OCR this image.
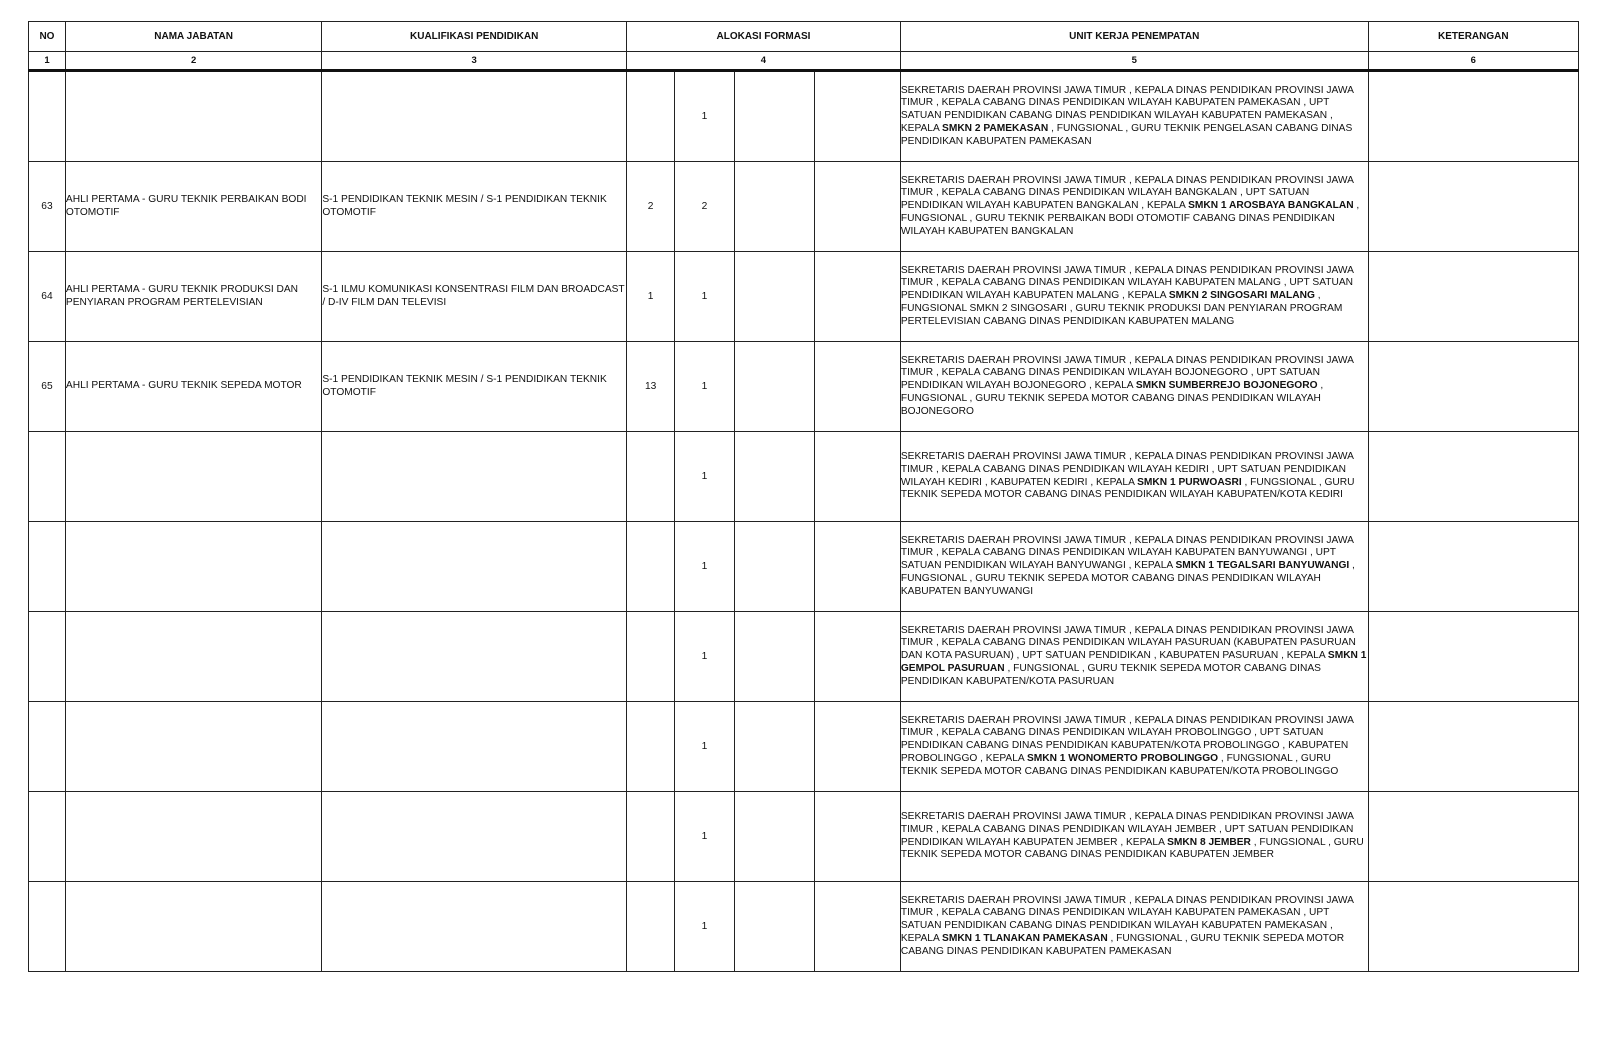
NO	NAMA JABATAN	KUALIFIKASI PENDIDIKAN	ALOKASI FORMASI				UNIT KERJA PENEMPATAN	KETERANGAN
1	2	3	4				5	6
				1			SEKRETARIS DAERAH PROVINSI JAWA TIMUR , KEPALA DINAS PENDIDIKAN PROVINSI JAWA TIMUR , KEPALA CABANG DINAS PENDIDIKAN WILAYAH KABUPATEN PAMEKASAN , UPT SATUAN PENDIDIKAN CABANG DINAS PENDIDIKAN WILAYAH KABUPATEN PAMEKASAN , KEPALA SMKN 2 PAMEKASAN , FUNGSIONAL , GURU TEKNIK PENGELASAN CABANG DINAS PENDIDIKAN KABUPATEN PAMEKASAN	
63	AHLI PERTAMA - GURU TEKNIK PERBAIKAN BODI OTOMOTIF	S-1 PENDIDIKAN TEKNIK MESIN / S-1 PENDIDIKAN TEKNIK OTOMOTIF	2	2			SEKRETARIS DAERAH PROVINSI JAWA TIMUR , KEPALA DINAS PENDIDIKAN PROVINSI JAWA TIMUR , KEPALA CABANG DINAS PENDIDIKAN WILAYAH BANGKALAN , UPT SATUAN PENDIDIKAN WILAYAH KABUPATEN BANGKALAN , KEPALA SMKN 1 AROSBAYA BANGKALAN , FUNGSIONAL , GURU TEKNIK PERBAIKAN BODI OTOMOTIF CABANG DINAS PENDIDIKAN WILAYAH KABUPATEN BANGKALAN	
64	AHLI PERTAMA - GURU TEKNIK PRODUKSI DAN PENYIARAN PROGRAM PERTELEVISIAN	S-1 ILMU KOMUNIKASI KONSENTRASI FILM DAN BROADCAST / D-IV FILM DAN TELEVISI	1	1			SEKRETARIS DAERAH PROVINSI JAWA TIMUR , KEPALA DINAS PENDIDIKAN PROVINSI JAWA TIMUR , KEPALA CABANG DINAS PENDIDIKAN WILAYAH KABUPATEN MALANG , UPT SATUAN PENDIDIKAN WILAYAH KABUPATEN MALANG , KEPALA SMKN 2 SINGOSARI MALANG , FUNGSIONAL SMKN 2 SINGOSARI , GURU TEKNIK PRODUKSI DAN PENYIARAN PROGRAM PERTELEVISIAN CABANG DINAS PENDIDIKAN KABUPATEN MALANG	
65	AHLI PERTAMA - GURU TEKNIK SEPEDA MOTOR	S-1 PENDIDIKAN TEKNIK MESIN / S-1 PENDIDIKAN TEKNIK OTOMOTIF	13	1			SEKRETARIS DAERAH PROVINSI JAWA TIMUR , KEPALA DINAS PENDIDIKAN PROVINSI JAWA TIMUR , KEPALA CABANG DINAS PENDIDIKAN WILAYAH BOJONEGORO , UPT SATUAN PENDIDIKAN WILAYAH BOJONEGORO , KEPALA SMKN SUMBERREJO BOJONEGORO , FUNGSIONAL , GURU TEKNIK SEPEDA MOTOR CABANG DINAS PENDIDIKAN WILAYAH BOJONEGORO	
				1			SEKRETARIS DAERAH PROVINSI JAWA TIMUR , KEPALA DINAS PENDIDIKAN PROVINSI JAWA TIMUR , KEPALA CABANG DINAS PENDIDIKAN WILAYAH KEDIRI , UPT SATUAN PENDIDIKAN WILAYAH KEDIRI , KABUPATEN KEDIRI , KEPALA SMKN 1 PURWOASRI , FUNGSIONAL , GURU TEKNIK SEPEDA MOTOR CABANG DINAS PENDIDIKAN WILAYAH KABUPATEN/KOTA KEDIRI	
				1			SEKRETARIS DAERAH PROVINSI JAWA TIMUR , KEPALA DINAS PENDIDIKAN PROVINSI JAWA TIMUR , KEPALA CABANG DINAS PENDIDIKAN WILAYAH KABUPATEN BANYUWANGI , UPT SATUAN PENDIDIKAN WILAYAH BANYUWANGI , KEPALA SMKN 1 TEGALSARI BANYUWANGI , FUNGSIONAL , GURU TEKNIK SEPEDA MOTOR CABANG DINAS PENDIDIKAN WILAYAH KABUPATEN BANYUWANGI	
				1			SEKRETARIS DAERAH PROVINSI JAWA TIMUR , KEPALA DINAS PENDIDIKAN PROVINSI JAWA TIMUR , KEPALA CABANG DINAS PENDIDIKAN WILAYAH PASURUAN (KABUPATEN PASURUAN DAN KOTA PASURUAN) , UPT SATUAN PENDIDIKAN , KABUPATEN PASURUAN , KEPALA SMKN 1 GEMPOL PASURUAN , FUNGSIONAL , GURU TEKNIK SEPEDA MOTOR CABANG DINAS PENDIDIKAN KABUPATEN/KOTA PASURUAN	
				1			SEKRETARIS DAERAH PROVINSI JAWA TIMUR , KEPALA DINAS PENDIDIKAN PROVINSI JAWA TIMUR , KEPALA CABANG DINAS PENDIDIKAN WILAYAH PROBOLINGGO , UPT SATUAN PENDIDIKAN CABANG DINAS PENDIDIKAN KABUPATEN/KOTA PROBOLINGGO , KABUPATEN PROBOLINGGO , KEPALA SMKN 1 WONOMERTO PROBOLINGGO , FUNGSIONAL , GURU TEKNIK SEPEDA MOTOR CABANG DINAS PENDIDIKAN KABUPATEN/KOTA PROBOLINGGO	
				1			SEKRETARIS DAERAH PROVINSI JAWA TIMUR , KEPALA DINAS PENDIDIKAN PROVINSI JAWA TIMUR , KEPALA CABANG DINAS PENDIDIKAN WILAYAH JEMBER , UPT SATUAN PENDIDIKAN PENDIDIKAN WILAYAH KABUPATEN JEMBER , KEPALA SMKN 8 JEMBER , FUNGSIONAL , GURU TEKNIK SEPEDA MOTOR CABANG DINAS PENDIDIKAN KABUPATEN JEMBER	
				1			SEKRETARIS DAERAH PROVINSI JAWA TIMUR , KEPALA DINAS PENDIDIKAN PROVINSI JAWA TIMUR , KEPALA CABANG DINAS PENDIDIKAN WILAYAH KABUPATEN PAMEKASAN , UPT SATUAN PENDIDIKAN CABANG DINAS PENDIDIKAN WILAYAH KABUPATEN PAMEKASAN , KEPALA SMKN 1 TLANAKAN PAMEKASAN , FUNGSIONAL , GURU TEKNIK SEPEDA MOTOR CABANG DINAS PENDIDIKAN KABUPATEN PAMEKASAN	
